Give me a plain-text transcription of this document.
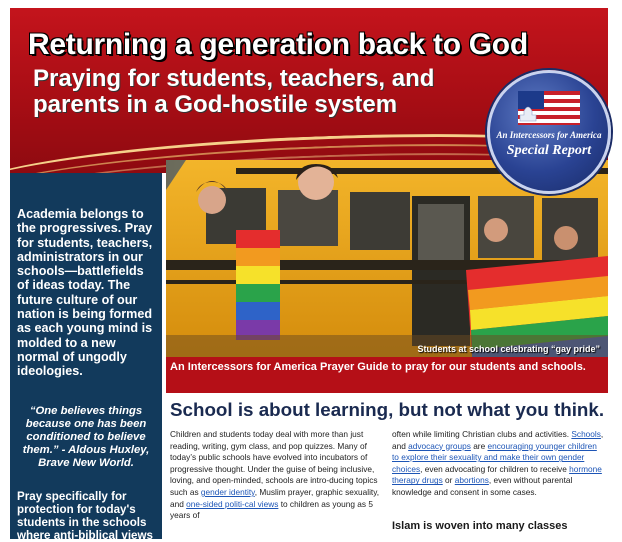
Returning a generation back to God
Praying for students, teachers, and parents in a God-hostile system
An Intercessors for America
Special Report

Academia belongs to the progressives. Pray for students, teachers, administrators in our schools—battlefields of ideas today. The future culture of our nation is being formed as each young mind is molded to a new normal of ungodly ideologies.

“One believes things because one has been conditioned to believe them.” - Aldous Huxley, Brave New World.

Pray specifically for protection for today's students in the schools where anti-biblical views

Students at school celebrating “gay pride”
An Intercessors for America Prayer Guide to pray for our students and schools.
School is about learning, but not what you think.

Children and students today deal with more than just reading, writing, gym class, and pop quizzes. Many of today’s public schools have evolved into incubators of progressive thought. Under the guise of being inclusive, loving, and open-minded, schools are intro-ducing topics such as gender identity, Muslim prayer, graphic sexuality, and one-sided politi-cal views to children as young as 5 years of

often while limiting Christian clubs and activities. Schools, and advocacy groups are encouraging younger children to explore their sexuality and make their own gender choices, even advocating for children to receive hormone therapy drugs or abortions, even without parental knowledge and consent in some cases.

Islam is woven into many classes
